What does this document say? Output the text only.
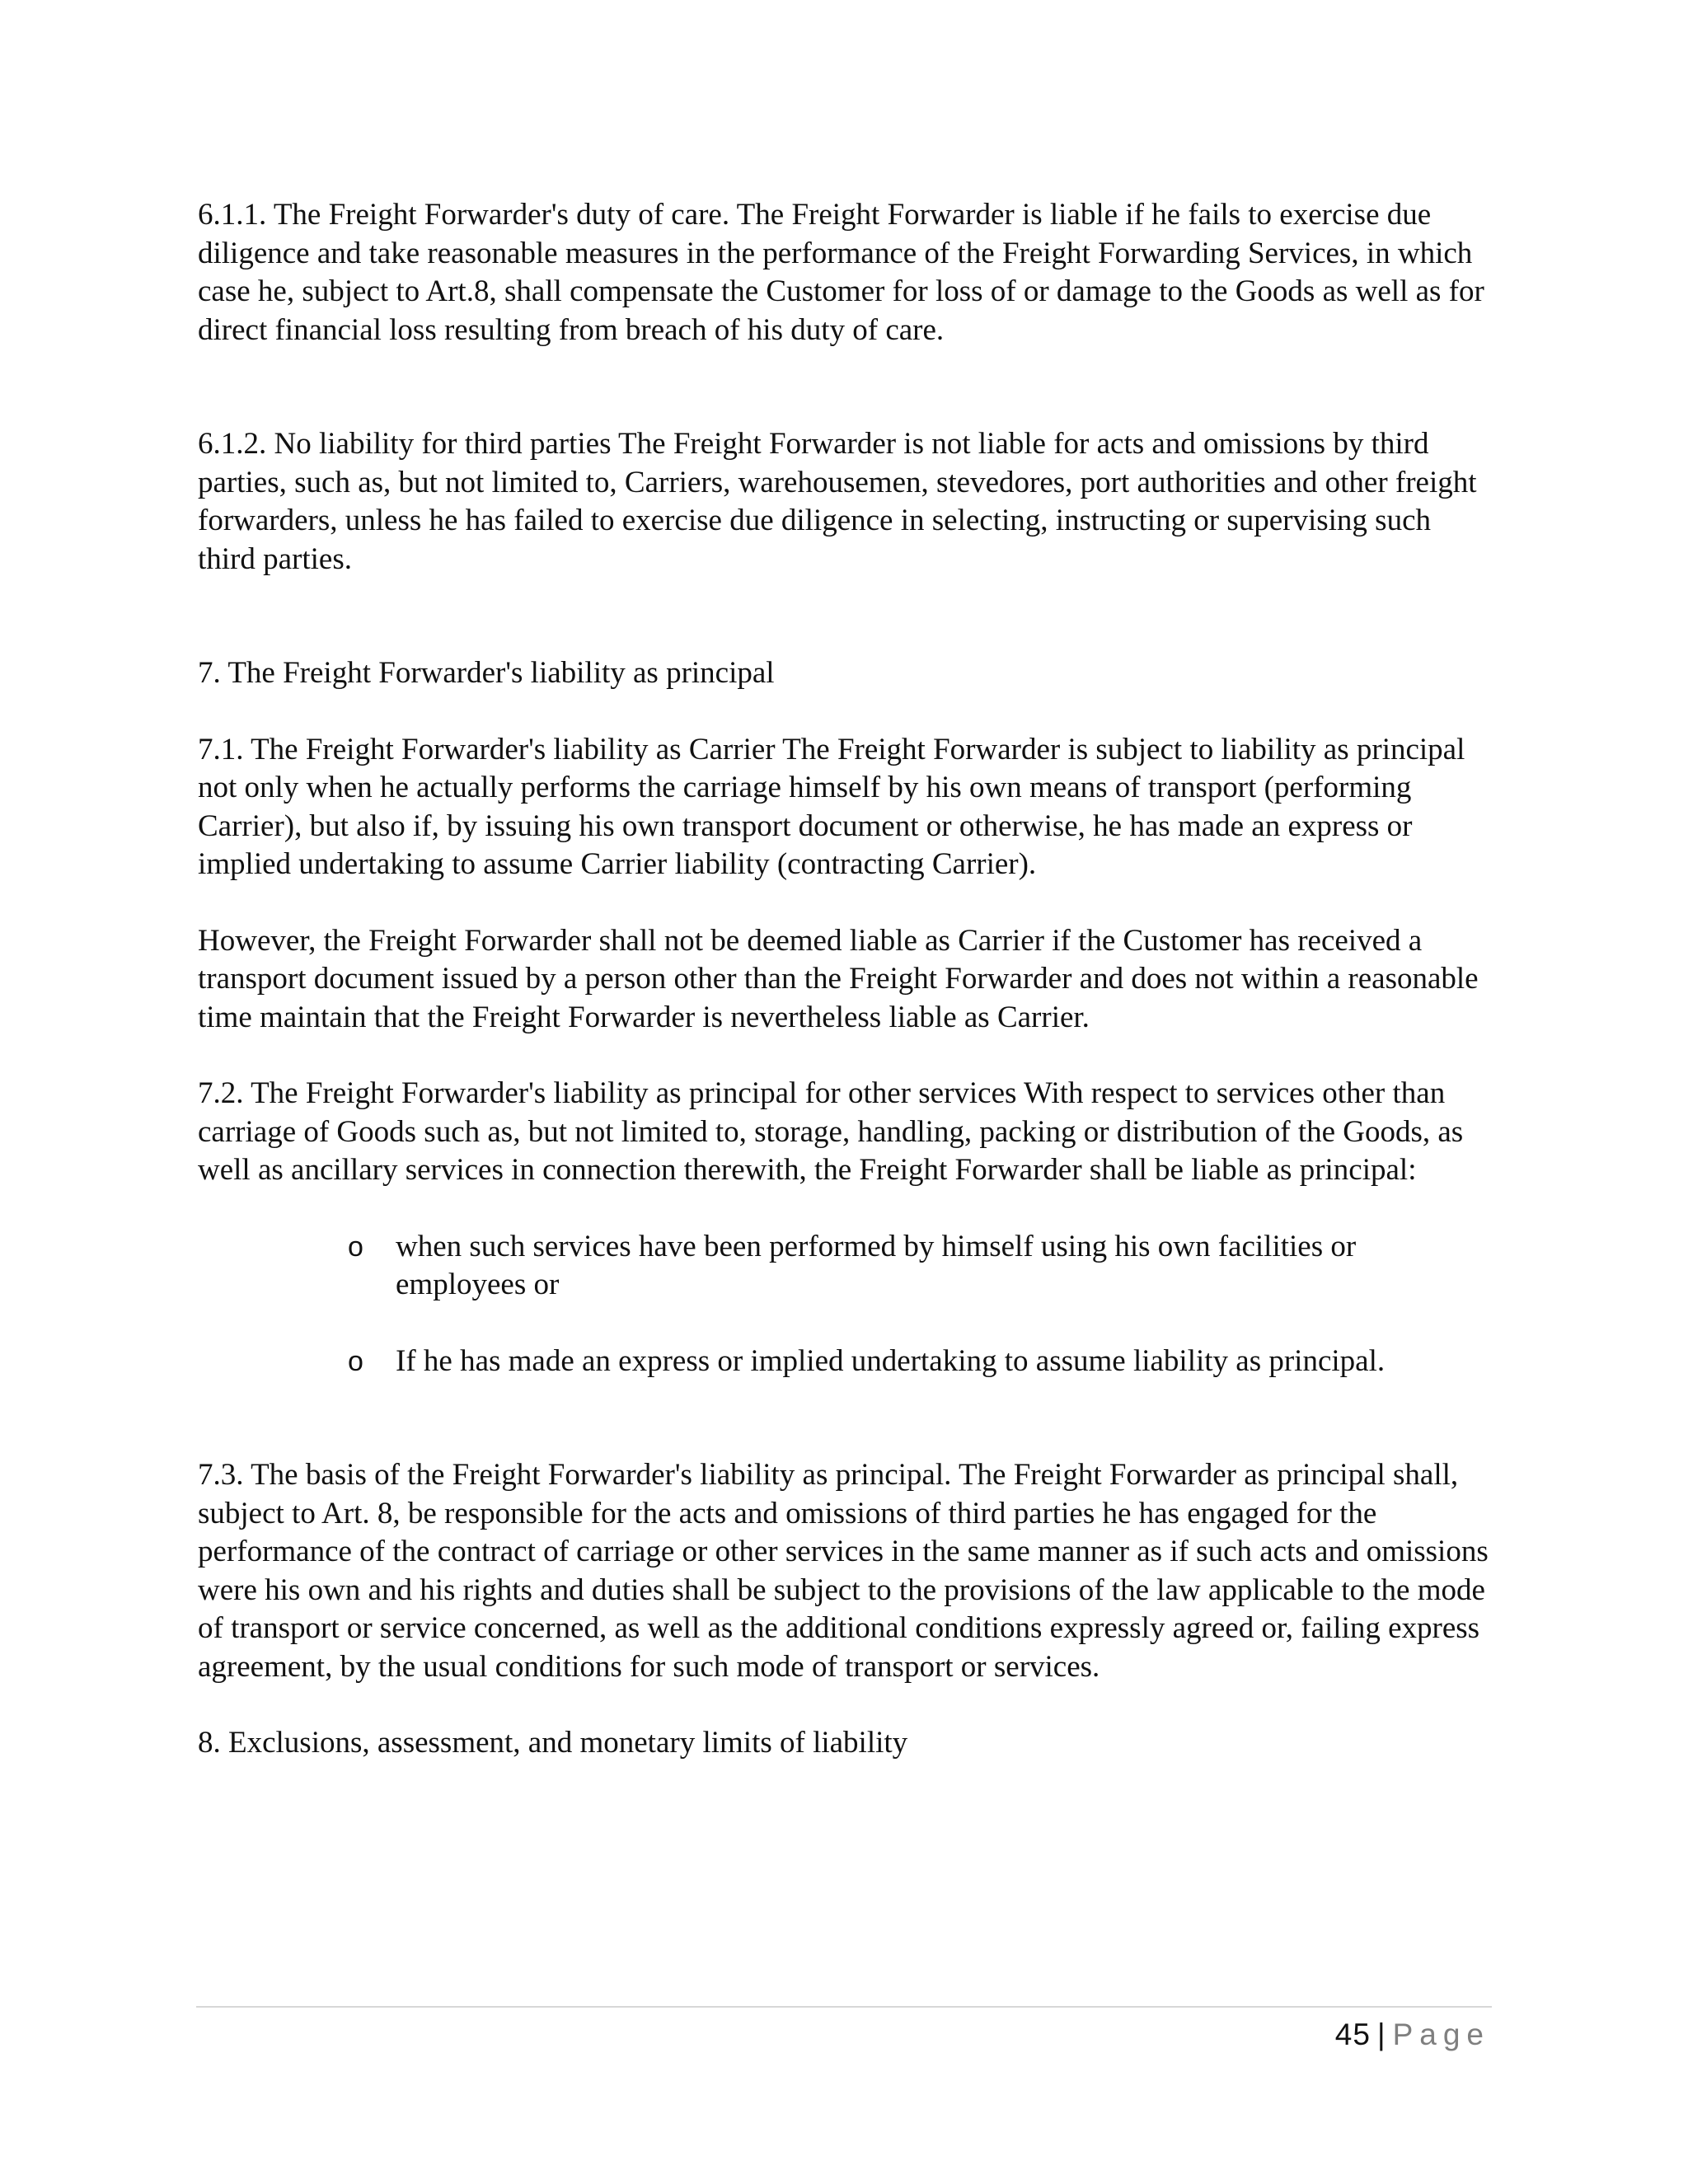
6.1.1. The Freight Forwarder's duty of care. The Freight Forwarder is liable if he fails to exercise due diligence and take reasonable measures in the performance of the Freight Forwarding Services, in which case he, subject to Art.8, shall compensate the Customer for loss of or damage to the Goods as well as for direct financial loss resulting from breach of his duty of care.

6.1.2. No liability for third parties The Freight Forwarder is not liable for acts and omissions by third parties, such as, but not limited to, Carriers, warehousemen, stevedores, port authorities and other freight forwarders, unless he has failed to exercise due diligence in selecting, instructing or supervising such third parties.

7. The Freight Forwarder's liability as principal

7.1. The Freight Forwarder's liability as Carrier The Freight Forwarder is subject to liability as principal not only when he actually performs the carriage himself by his own means of transport (performing Carrier), but also if, by issuing his own transport document or otherwise, he has made an express or implied undertaking to assume Carrier liability (contracting Carrier).

However, the Freight Forwarder shall not be deemed liable as Carrier if the Customer has received a transport document issued by a person other than the Freight Forwarder and does not within a reasonable time maintain that the Freight Forwarder is nevertheless liable as Carrier.

7.2. The Freight Forwarder's liability as principal for other services With respect to services other than carriage of Goods such as, but not limited to, storage, handling, packing or distribution of the Goods, as well as ancillary services in connection therewith, the Freight Forwarder shall be liable as principal:

o when such services have been performed by himself using his own facilities or employees or
o If he has made an express or implied undertaking to assume liability as principal.

7.3. The basis of the Freight Forwarder's liability as principal. The Freight Forwarder as principal shall, subject to Art. 8, be responsible for the acts and omissions of third parties he has engaged for the performance of the contract of carriage or other services in the same manner as if such acts and omissions were his own and his rights and duties shall be subject to the provisions of the law applicable to the mode of transport or service concerned, as well as the additional conditions expressly agreed or, failing express agreement, by the usual conditions for such mode of transport or services.

8. Exclusions, assessment, and monetary limits of liability

45 | Page
